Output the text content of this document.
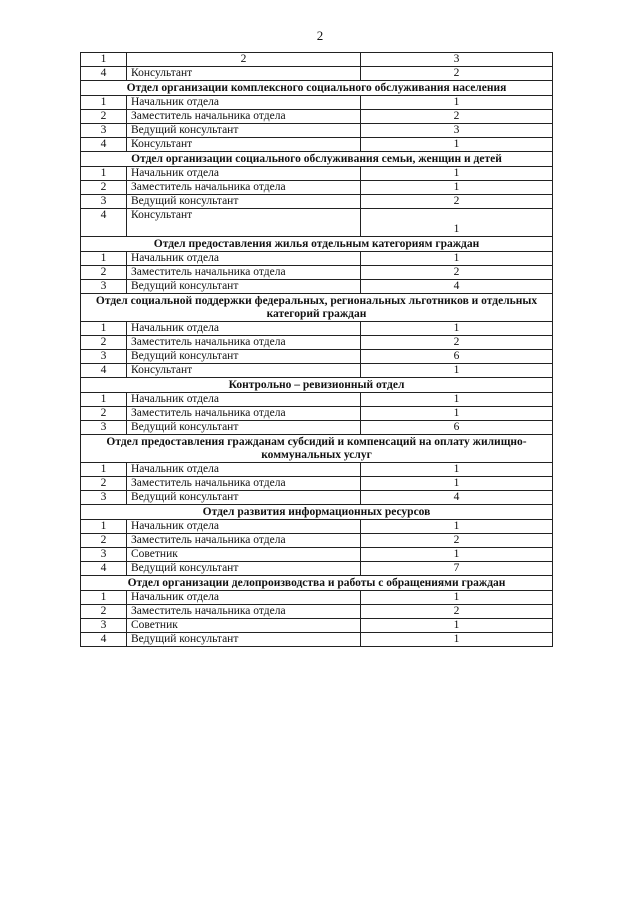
2
1	2	3
4	Консультант	2
Отдел организации комплексного социального обслуживания населения		
1	Начальник отдела	1
2	Заместитель начальника отдела	2
3	Ведущий консультант	3
4	Консультант	1
Отдел организации социального обслуживания семьи, женщин и детей		
1	Начальник отдела	1
2	Заместитель начальника отдела	1
3	Ведущий консультант	2
4	Консультант	1
Отдел предоставления жилья отдельным категориям граждан		
1	Начальник отдела	1
2	Заместитель начальника отдела	2
3	Ведущий консультант	4
Отдел социальной поддержки федеральных, региональных льготников и отдельных категорий граждан		
1	Начальник отдела	1
2	Заместитель начальника отдела	2
3	Ведущий консультант	6
4	Консультант	1
Контрольно – ревизионный отдел		
1	Начальник отдела	1
2	Заместитель начальника отдела	1
3	Ведущий консультант	6
Отдел предоставления гражданам субсидий и компенсаций на оплату жилищно-коммунальных услуг		
1	Начальник отдела	1
2	Заместитель начальника отдела	1
3	Ведущий консультант	4
Отдел развития информационных ресурсов		
1	Начальник отдела	1
2	Заместитель начальника отдела	2
3	Советник	1
4	Ведущий консультант	7
Отдел организации делопроизводства и работы с обращениями граждан		
1	Начальник отдела	1
2	Заместитель начальника отдела	2
3	Советник	1
4	Ведущий консультант	1
